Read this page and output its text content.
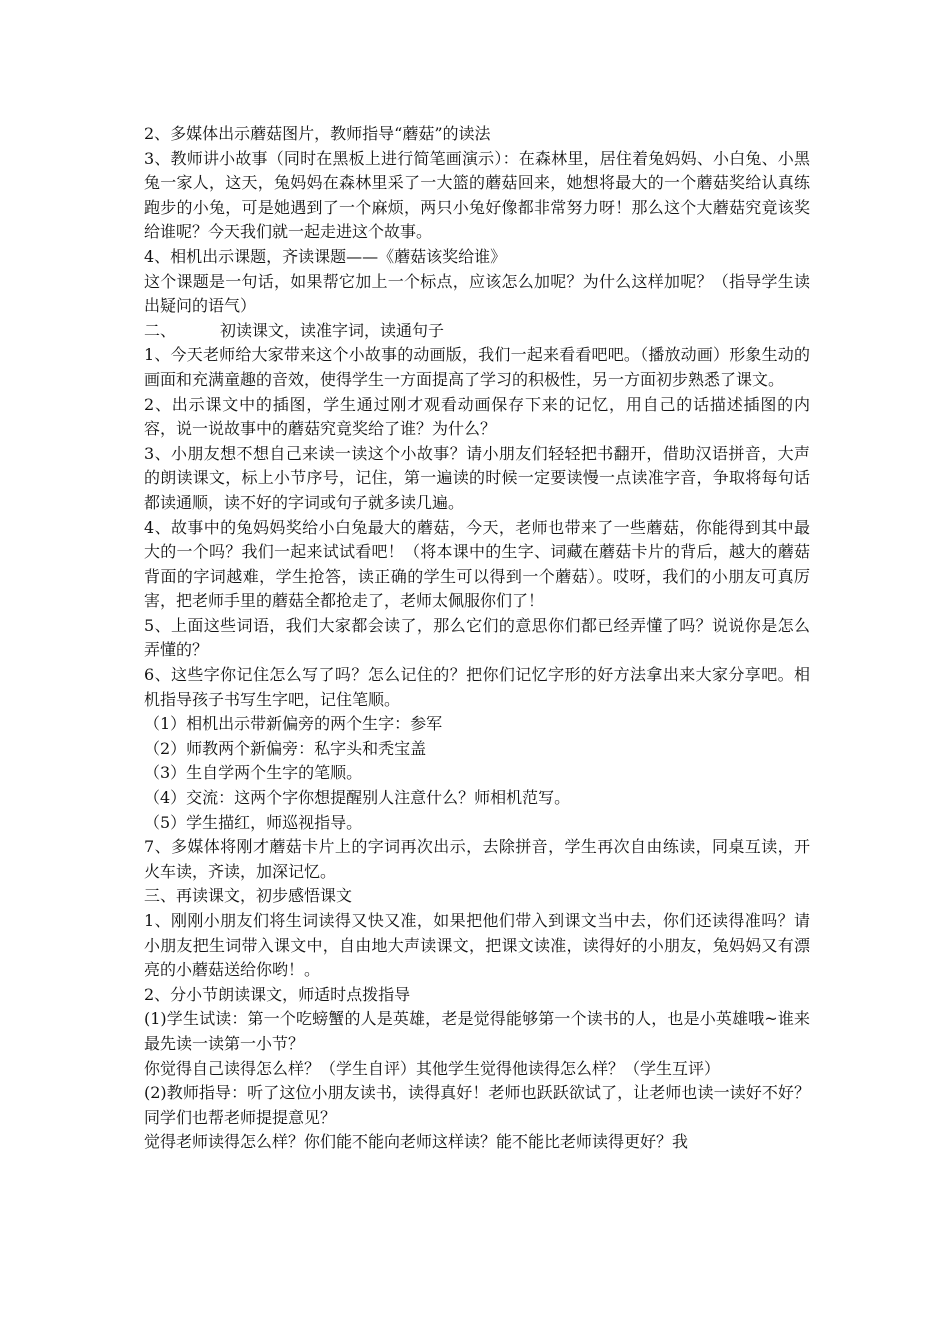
2、多媒体出示蘑菇图片，教师指导“蘑菇”的读法

3、教师讲小故事（同时在黑板上进行简笔画演示）：在森林里，居住着兔妈妈、小白兔、小黑兔一家人，这天，兔妈妈在森林里采了一大篮的蘑菇回来，她想将最大的一个蘑菇奖给认真练跑步的小兔，可是她遇到了一个麻烦，两只小兔好像都非常努力呀！那么这个大蘑菇究竟该奖给谁呢？今天我们就一起走进这个故事。

4、相机出示课题，齐读课题——《蘑菇该奖给谁》

这个课题是一句话，如果帮它加上一个标点，应该怎么加呢？为什么这样加呢？（指导学生读出疑问的语气）

二、	初读课文，读准字词，读通句子

1、今天老师给大家带来这个小故事的动画版，我们一起来看看吧吧。（播放动画）形象生动的画面和充满童趣的音效，使得学生一方面提高了学习的积极性，另一方面初步熟悉了课文。

2、出示课文中的插图，学生通过刚才观看动画保存下来的记忆，用自己的话描述插图的内容，说一说故事中的蘑菇究竟奖给了谁？为什么？

3、小朋友想不想自己来读一读这个小故事？请小朋友们轻轻把书翻开，借助汉语拼音，大声的朗读课文，标上小节序号，记住，第一遍读的时候一定要读慢一点读准字音，争取将每句话都读通顺，读不好的字词或句子就多读几遍。

4、故事中的兔妈妈奖给小白兔最大的蘑菇，今天，老师也带来了一些蘑菇，你能得到其中最大的一个吗？我们一起来试试看吧！（将本课中的生字、词藏在蘑菇卡片的背后，越大的蘑菇背面的字词越难，学生抢答，读正确的学生可以得到一个蘑菇）。哎呀，我们的小朋友可真厉害，把老师手里的蘑菇全都抢走了，老师太佩服你们了！

5、上面这些词语，我们大家都会读了，那么它们的意思你们都已经弄懂了吗？说说你是怎么弄懂的？

6、这些字你记住怎么写了吗？怎么记住的？把你们记忆字形的好方法拿出来大家分享吧。相机指导孩子书写生字吧，记住笔顺。

（1）相机出示带新偏旁的两个生字：参军

（2）师教两个新偏旁：私字头和秃宝盖

（3）生自学两个生字的笔顺。

（4）交流：这两个字你想提醒别人注意什么？师相机范写。

（5）学生描红，师巡视指导。

7、多媒体将刚才蘑菇卡片上的字词再次出示，去除拼音，学生再次自由练读，同桌互读，开火车读，齐读，加深记忆。

三、再读课文，初步感悟课文

1、刚刚小朋友们将生词读得又快又准，如果把他们带入到课文当中去，你们还读得准吗？请小朋友把生词带入课文中，自由地大声读课文，把课文读准，读得好的小朋友，兔妈妈又有漂亮的小蘑菇送给你哟！。

2、分小节朗读课文，师适时点拨指导

(1)学生试读：第一个吃螃蟹的人是英雄，老是觉得能够第一个读书的人，也是小英雄哦~谁来最先读一读第一小节？

你觉得自己读得怎么样？（学生自评）其他学生觉得他读得怎么样？（学生互评）

(2)教师指导：听了这位小朋友读书，读得真好！老师也跃跃欲试了，让老师也读一读好不好？同学们也帮老师提提意见？

觉得老师读得怎么样？你们能不能向老师这样读？能不能比老师读得更好？我
